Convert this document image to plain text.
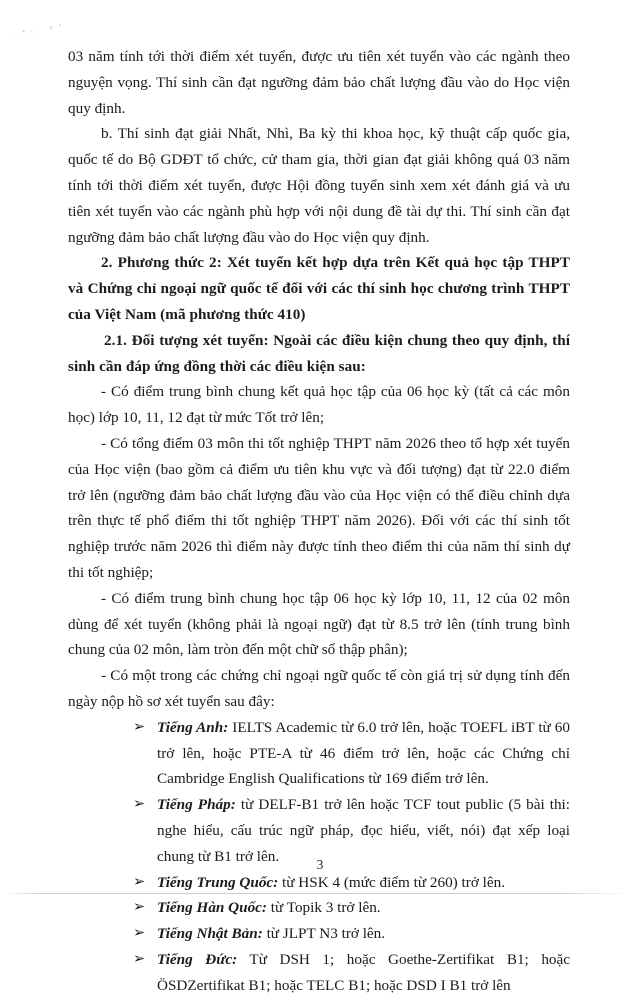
03 năm tính tới thời điểm xét tuyển, được ưu tiên xét tuyển vào các ngành theo nguyện vọng. Thí sinh cần đạt ngưỡng đảm bảo chất lượng đầu vào do Học viện quy định.

b. Thí sinh đạt giải Nhất, Nhì, Ba kỳ thi khoa học, kỹ thuật cấp quốc gia, quốc tế do Bộ GDĐT tổ chức, cử tham gia, thời gian đạt giải không quá 03 năm tính tới thời điểm xét tuyển, được Hội đồng tuyển sinh xem xét đánh giá và ưu tiên xét tuyển vào các ngành phù hợp với nội dung đề tài dự thi. Thí sinh cần đạt ngưỡng đảm bảo chất lượng đầu vào do Học viện quy định.

2. Phương thức 2: Xét tuyển kết hợp dựa trên Kết quả học tập THPT và Chứng chỉ ngoại ngữ quốc tế đối với các thí sinh học chương trình THPT của Việt Nam (mã phương thức 410)

2.1. Đối tượng xét tuyển: Ngoài các điều kiện chung theo quy định, thí sinh cần đáp ứng đồng thời các điều kiện sau:

- Có điểm trung bình chung kết quả học tập của 06 học kỳ (tất cả các môn học) lớp 10, 11, 12 đạt từ mức Tốt trở lên;

- Có tổng điểm 03 môn thi tốt nghiệp THPT năm 2026 theo tổ hợp xét tuyển của Học viện (bao gồm cả điểm ưu tiên khu vực và đối tượng) đạt từ 22.0 điểm trở lên (ngưỡng đảm bảo chất lượng đầu vào của Học viện có thể điều chỉnh dựa trên thực tế phổ điểm thi tốt nghiệp THPT năm 2026). Đối với các thí sinh tốt nghiệp trước năm 2026 thì điểm này được tính theo điểm thi của năm thí sinh dự thi tốt nghiệp;

- Có điểm trung bình chung học tập 06 học kỳ lớp 10, 11, 12 của 02 môn dùng để xét tuyển (không phải là ngoại ngữ) đạt từ 8.5 trở lên (tính trung bình chung của 02 môn, làm tròn đến một chữ số thập phân);

- Có một trong các chứng chỉ ngoại ngữ quốc tế còn giá trị sử dụng tính đến ngày nộp hồ sơ xét tuyển sau đây:

➢ Tiếng Anh: IELTS Academic từ 6.0 trở lên, hoặc TOEFL iBT từ 60 trở lên, hoặc PTE-A từ 46 điểm trở lên, hoặc các Chứng chỉ Cambridge English Qualifications từ 169 điểm trở lên.
➢ Tiếng Pháp: từ DELF-B1 trở lên hoặc TCF tout public (5 bài thi: nghe hiểu, cấu trúc ngữ pháp, đọc hiểu, viết, nói) đạt xếp loại chung từ B1 trở lên.
➢ Tiếng Trung Quốc: từ HSK 4 (mức điểm từ 260) trở lên.
➢ Tiếng Hàn Quốc: từ Topik 3 trở lên.
➢ Tiếng Nhật Bản: từ JLPT N3 trở lên.
➢ Tiếng Đức: Từ DSH 1; hoặc Goethe-Zertifikat B1; hoặc ÖSDZertifikat B1; hoặc TELC B1; hoặc DSD I B1 trở lên
3
